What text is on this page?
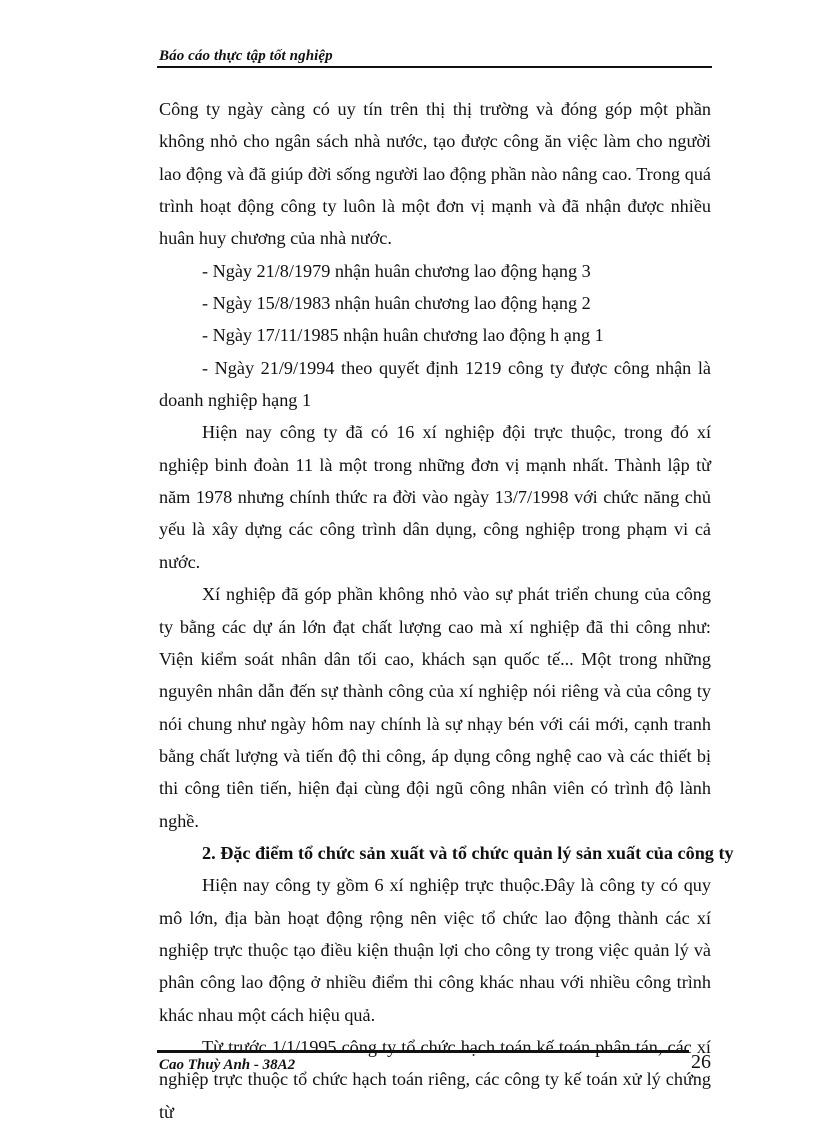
Báo cáo thực tập tốt nghiệp

Công ty ngày càng có uy tín trên thị thị trường và đóng góp một phần không nhỏ cho ngân sách nhà nước, tạo được công ăn việc làm cho người lao động và đã giúp đời sống người lao động phần nào nâng cao. Trong quá trình hoạt động công ty luôn là một đơn vị mạnh và đã nhận được nhiều huân huy chương của nhà nước.

- Ngày 21/8/1979 nhận huân chương lao động hạng 3

- Ngày 15/8/1983 nhận huân chương lao động hạng 2

- Ngày 17/11/1985 nhận huân chương lao động h ạng 1

- Ngày 21/9/1994 theo quyết định 1219 công ty được công nhận là doanh nghiệp hạng 1

Hiện nay công ty đã có 16 xí nghiệp đội trực thuộc, trong đó xí nghiệp binh đoàn 11 là một trong những đơn vị mạnh nhất. Thành lập từ năm 1978 nhưng chính thức ra đời vào ngày 13/7/1998 với chức năng chủ yếu là xây dựng các công trình dân dụng, công nghiệp trong phạm vi cả nước.

Xí nghiệp đã góp phần không nhỏ vào sự phát triển chung của công ty bằng các dự án lớn đạt chất lượng cao mà xí nghiệp đã thi công như: Viện kiểm soát nhân dân tối cao, khách sạn quốc tế... Một trong những nguyên nhân dẫn đến sự thành công của xí nghiệp nói riêng và của công ty nói chung như ngày hôm nay chính là sự nhạy bén với cái mới, cạnh tranh bằng chất lượng và tiến độ thi công, áp dụng công nghệ cao và các thiết bị thi công tiên tiến, hiện đại cùng đội ngũ công nhân viên có trình độ lành nghề.

2. Đặc điểm tổ chức sản xuất và tổ chức quản lý sản xuất của công ty

Hiện nay công ty gồm 6 xí nghiệp trực thuộc.Đây là công ty có quy mô lớn, địa bàn hoạt động rộng nên việc tổ chức lao động thành các xí nghiệp trực thuộc tạo điều kiện thuận lợi cho công ty trong việc quản lý và phân công lao động ở nhiều điểm thi công khác nhau với nhiều công trình khác nhau một cách hiệu quả.

Từ trước 1/1/1995 công ty tổ chức hạch toán kế toán phân tán, các xí nghiệp trực thuộc tổ chức hạch toán riêng, các công ty kế toán xử lý chứng từ

Cao Thuỳ Anh - 38A2	26
